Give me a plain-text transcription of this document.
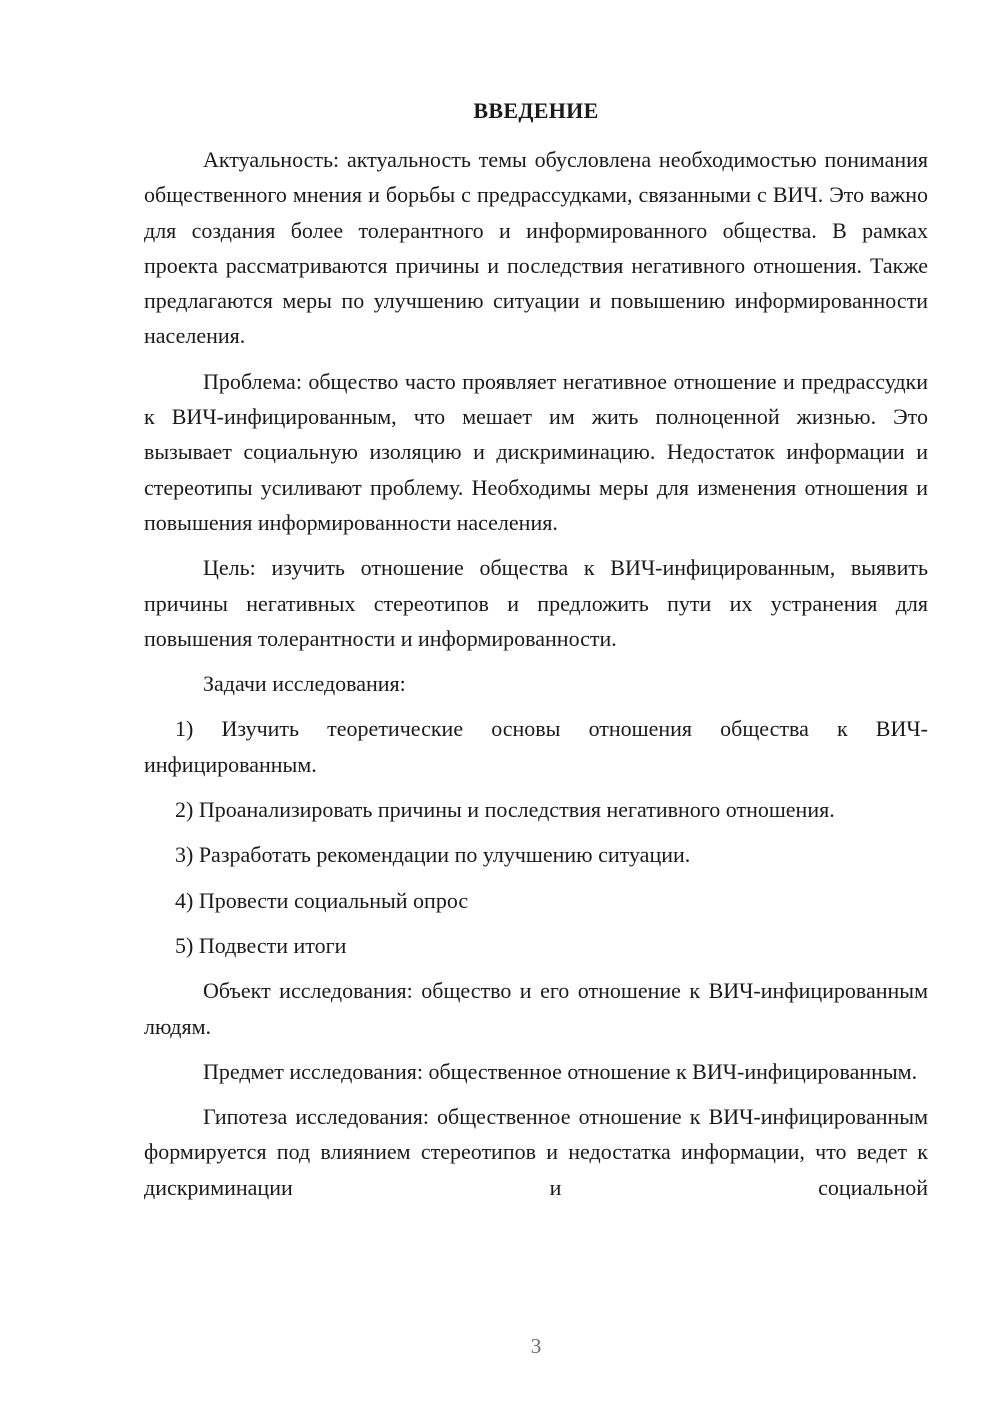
ВВЕДЕНИЕ

Актуальность: актуальность темы обусловлена необходимостью понимания общественного мнения и борьбы с предрассудками, связанными с ВИЧ. Это важно для создания более толерантного и информированного общества. В рамках проекта рассматриваются причины и последствия негативного отношения. Также предлагаются меры по улучшению ситуации и повышению информированности населения.

Проблема: общество часто проявляет негативное отношение и предрассудки к ВИЧ-инфицированным, что мешает им жить полноценной жизнью. Это вызывает социальную изоляцию и дискриминацию. Недостаток информации и стереотипы усиливают проблему. Необходимы меры для изменения отношения и повышения информированности населения.

Цель: изучить отношение общества к ВИЧ-инфицированным, выявить причины негативных стереотипов и предложить пути их устранения для повышения толерантности и информированности.

Задачи исследования:

1) Изучить теоретические основы отношения общества к ВИЧ-инфицированным.

2) Проанализировать причины и последствия негативного отношения.

3) Разработать рекомендации по улучшению ситуации.

4) Провести социальный опрос

5) Подвести итоги

Объект исследования: общество и его отношение к ВИЧ-инфицированным людям.

Предмет исследования: общественное отношение к ВИЧ-инфицированным.

Гипотеза исследования: общественное отношение к ВИЧ-инфицированным формируется под влиянием стереотипов и недостатка информации, что ведет к дискриминации и социальной

3
